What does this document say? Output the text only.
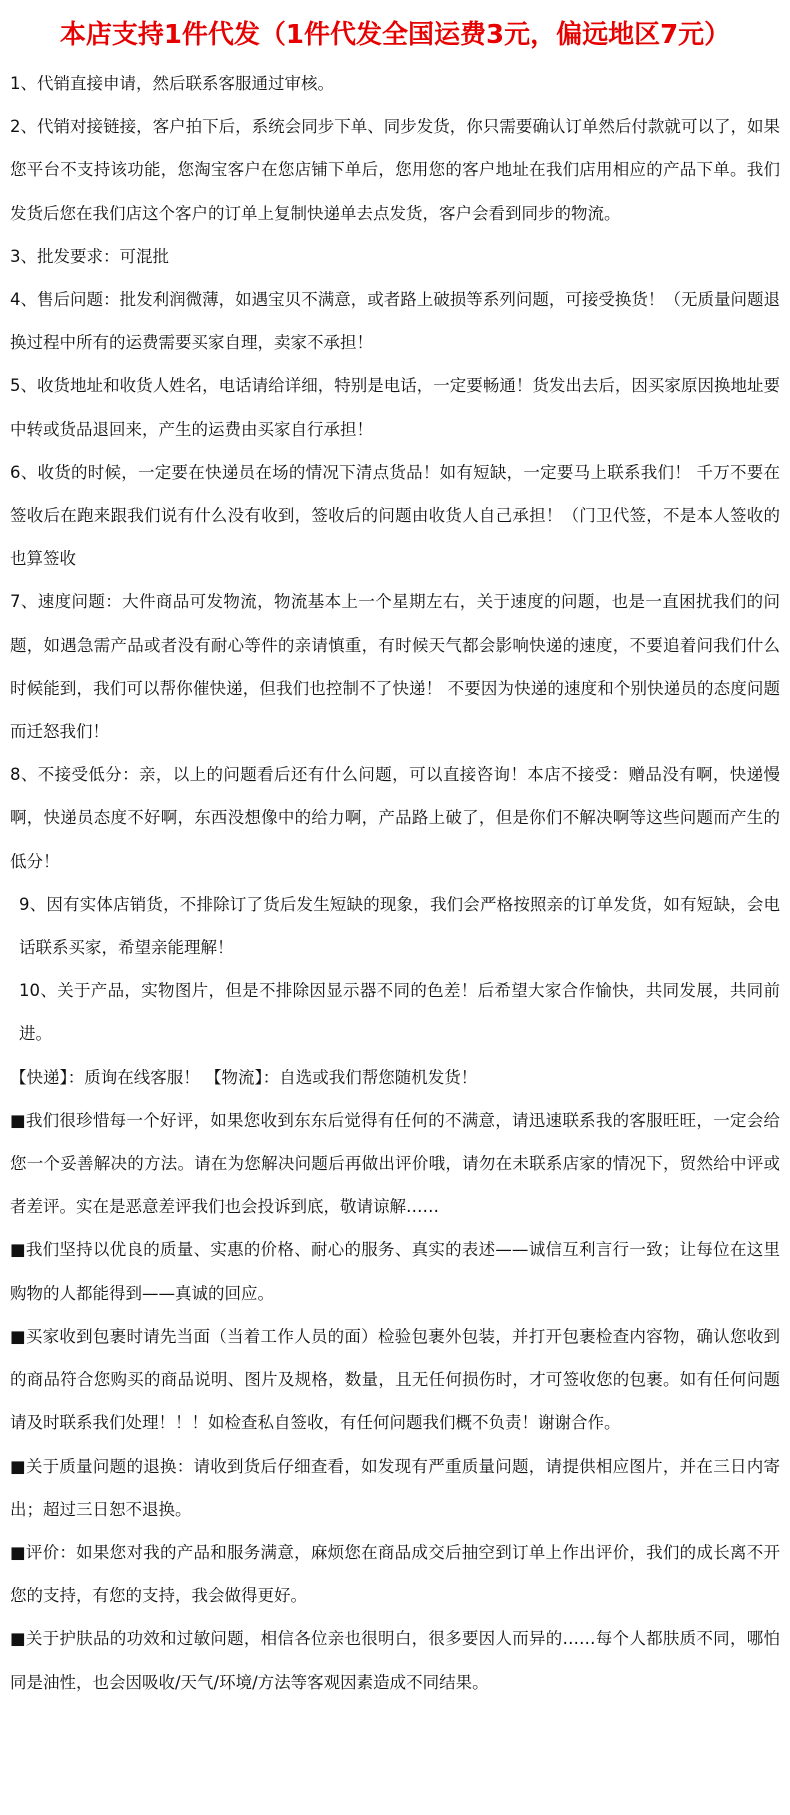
本店支持1件代发（1件代发全国运费3元，偏远地区7元）

1、代销直接申请，然后联系客服通过审核。

2、代销对接链接，客户拍下后，系统会同步下单、同步发货，你只需要确认订单然后付款就可以了，如果您平台不支持该功能，您淘宝客户在您店铺下单后，您用您的客户地址在我们店用相应的产品下单。我们发货后您在我们店这个客户的订单上复制快递单去点发货，客户会看到同步的物流。

3、批发要求：可混批

4、售后问题：批发利润微薄，如遇宝贝不满意，或者路上破损等系列问题，可接受换货！（无质量问题退换过程中所有的运费需要买家自理，卖家不承担！

5、收货地址和收货人姓名，电话请给详细，特别是电话，一定要畅通！货发出去后，因买家原因换地址要中转或货品退回来，产生的运费由买家自行承担！

6、收货的时候，一定要在快递员在场的情况下清点货品！如有短缺，一定要马上联系我们！ 千万不要在签收后在跑来跟我们说有什么没有收到，签收后的问题由收货人自己承担！（门卫代签，不是本人签收的也算签收

7、速度问题：大件商品可发物流，物流基本上一个星期左右，关于速度的问题，也是一直困扰我们的问题，如遇急需产品或者没有耐心等件的亲请慎重，有时候天气都会影响快递的速度，不要追着问我们什么时候能到，我们可以帮你催快递，但我们也控制不了快递！ 不要因为快递的速度和个别快递员的态度问题而迁怒我们！

8、不接受低分：亲，以上的问题看后还有什么问题，可以直接咨询！本店不接受：赠品没有啊，快递慢啊，快递员态度不好啊，东西没想像中的给力啊，产品路上破了，但是你们不解决啊等这些问题而产生的低分！

9、因有实体店销货，不排除订了货后发生短缺的现象，我们会严格按照亲的订单发货，如有短缺，会电话联系买家，希望亲能理解！

10、关于产品，实物图片，但是不排除因显示器不同的色差！后希望大家合作愉快，共同发展，共同前进。

【快递】：质询在线客服！ 【物流】：自选或我们帮您随机发货！

■我们很珍惜每一个好评，如果您收到东东后觉得有任何的不满意，请迅速联系我的客服旺旺，一定会给您一个妥善解决的方法。请在为您解决问题后再做出评价哦，请勿在未联系店家的情况下，贸然给中评或者差评。实在是恶意差评我们也会投诉到底，敬请谅解……

■我们坚持以优良的质量、实惠的价格、耐心的服务、真实的表述——诚信互利言行一致；让每位在这里购物的人都能得到——真诚的回应。

■买家收到包裹时请先当面（当着工作人员的面）检验包裹外包装，并打开包裹检查内容物，确认您收到的商品符合您购买的商品说明、图片及规格，数量，且无任何损伤时，才可签收您的包裹。如有任何问题请及时联系我们处理！！！如检查私自签收，有任何问题我们概不负责！谢谢合作。

■关于质量问题的退换：请收到货后仔细查看，如发现有严重质量问题，请提供相应图片，并在三日内寄出；超过三日恕不退换。

■评价：如果您对我的产品和服务满意，麻烦您在商品成交后抽空到订单上作出评价，我们的成长离不开您的支持，有您的支持，我会做得更好。

■关于护肤品的功效和过敏问题，相信各位亲也很明白，很多要因人而异的……每个人都肤质不同，哪怕同是油性，也会因吸收/天气/环境/方法等客观因素造成不同结果。
